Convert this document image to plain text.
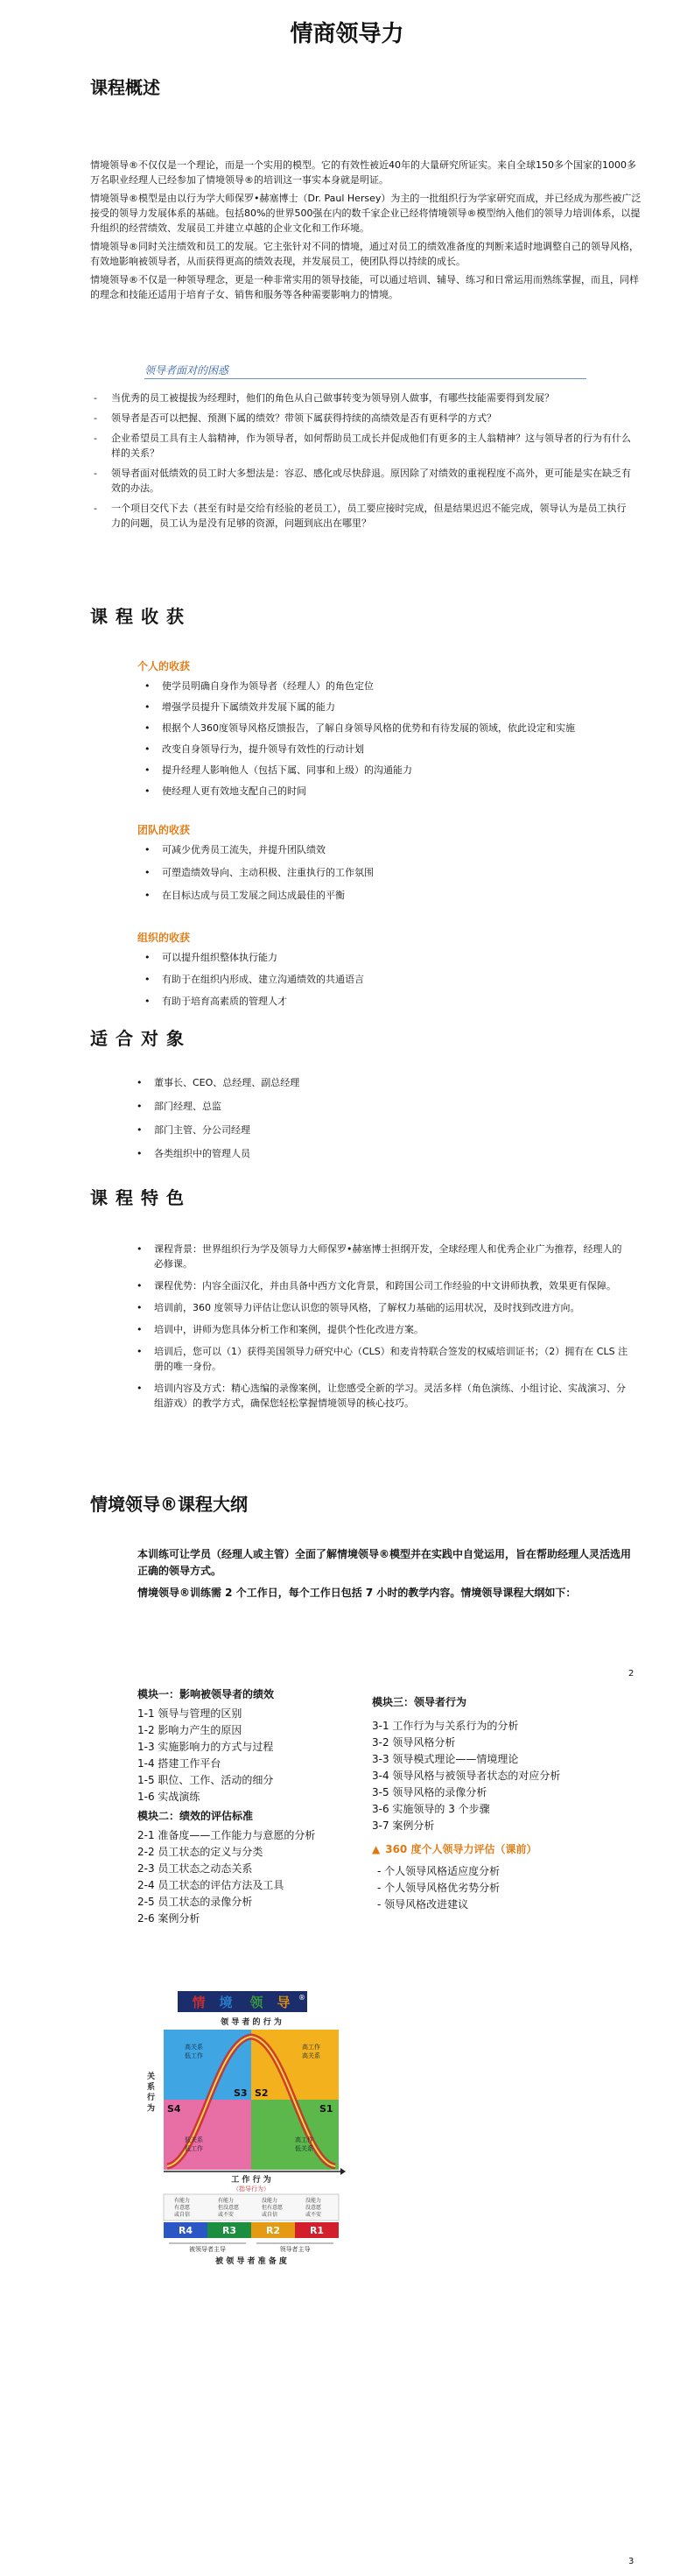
情商领导力
课程概述

情境领导®不仅仅是一个理论，而是一个实用的模型。它的有效性被近40年的大量研究所证实。来自全球150多个国家的1000多万名职业经理人已经参加了情境领导®的培训这一事实本身就是明证。

情境领导®模型是由以行为学大师保罗•赫塞博士（Dr. Paul Hersey）为主的一批组织行为学家研究而成，并已经成为那些被广泛接受的领导力发展体系的基础。包括80%的世界500强在内的数千家企业已经将情境领导®模型纳入他们的领导力培训体系，以提升组织的经营绩效、发展员工并建立卓越的企业文化和工作环境。

情境领导®同时关注绩效和员工的发展。它主张针对不同的情境，通过对员工的绩效准备度的判断来适时地调整自己的领导风格，有效地影响被领导者，从而获得更高的绩效表现，并发展员工，使团队得以持续的成长。

情境领导®不仅是一种领导理念，更是一种非常实用的领导技能，可以通过培训、辅导、练习和日常运用而熟练掌握，而且，同样的理念和技能还适用于培育子女、销售和服务等各种需要影响力的情境。

领导者面对的困惑
- 当优秀的员工被提拔为经理时，他们的角色从自己做事转变为领导别人做事，有哪些技能需要得到发展？
- 领导者是否可以把握、预测下属的绩效？带领下属获得持续的高绩效是否有更科学的方式？
- 企业希望员工具有主人翁精神，作为领导者，如何帮助员工成长并促成他们有更多的主人翁精神？这与领导者的行为有什么样的关系？
- 领导者面对低绩效的员工时大多想法是：容忍、感化或尽快辞退。原因除了对绩效的重视程度不高外，更可能是实在缺乏有效的办法。
- 一个项目交代下去（甚至有时是交给有经验的老员工），员工要应接时完成，但是结果迟迟不能完成，领导认为是员工执行力的问题，员工认为是没有足够的资源，问题到底出在哪里？
课程收获
个人的收获
• 使学员明确自身作为领导者（经理人）的角色定位
• 增强学员提升下属绩效并发展下属的能力
• 根据个人360度领导风格反馈报告，了解自身领导风格的优势和有待发展的领域，依此设定和实施
• 改变自身领导行为，提升领导有效性的行动计划
• 提升经理人影响他人（包括下属、同事和上级）的沟通能力
• 使经理人更有效地支配自己的时间
团队的收获
• 可减少优秀员工流失，并提升团队绩效
• 可塑造绩效导向、主动积极、注重执行的工作氛围
• 在目标达成与员工发展之间达成最佳的平衡
组织的收获
• 可以提升组织整体执行能力
• 有助于在组织内形成、建立沟通绩效的共通语言
• 有助于培育高素质的管理人才
适合对象
• 董事长、CEO、总经理、副总经理
• 部门经理、总监
• 部门主管、分公司经理
• 各类组织中的管理人员
课程特色
• 课程背景：世界组织行为学及领导力大师保罗•赫塞博士担纲开发，全球经理人和优秀企业广为推荐，经理人的必修课。
• 课程优势：内容全面汉化，并由具备中西方文化背景，和跨国公司工作经验的中文讲师执教，效果更有保障。
• 培训前，360 度领导力评估让您认识您的领导风格，了解权力基础的运用状况，及时找到改进方向。
• 培训中，讲师为您具体分析工作和案例，提供个性化改进方案。
• 培训后，您可以（1）获得美国领导力研究中心（CLS）和麦肯特联合签发的权威培训证书；（2）拥有在 CLS 注册的唯一身份。
• 培训内容及方式：精心选编的录像案例，让您感受全新的学习。灵活多样（角色演练、小组讨论、实战演习、分组游戏）的教学方式，确保您轻松掌握情境领导的核心技巧。
情境领导®课程大纲
本训练可让学员（经理人或主管）全面了解情境领导®模型并在实践中自觉运用，旨在帮助经理人灵活选用正确的领导方式。
情境领导®训练需 2 个工作日，每个工作日包括 7 小时的教学内容。情境领导课程大纲如下：
2
模块一：影响被领导者的绩效
1-1 领导与管理的区别
1-2 影响力产生的原因
1-3 实施影响力的方式与过程
1-4 搭建工作平台
1-5 职位、工作、活动的细分
1-6 实战演练
模块二：绩效的评估标准
2-1 准备度——工作能力与意愿的分析
2-2 员工状态的定义与分类
2-3 员工状态之动态关系
2-4 员工状态的评估方法及工具
2-5 员工状态的录像分析
2-6 案例分析
模块三：领导者行为
3-1 工作行为与关系行为的分析
3-2 领导风格分析
3-3 领导模式理论——情境理论
3-4 领导风格与被领导者状态的对应分析
3-5 领导风格的录像分析
3-6 实施领导的 3 个步骤
3-7 案例分析
▲ 360 度个人领导力评估（课前）
- 个人领导风格适应度分析
- 个人领导风格优劣势分析
- 领导风格改进建议
情 境 领 导 ®
领 导 者 的 行 为
关 系 行 为
高关系
低工作
高工作
高关系
低关系
低工作
高工作
低关系
S3 S2
S4	S1
工 作 行 为
（指导行为）
有能力
有意愿
或自信
有能力
但没意愿
或不安
没能力
但有意愿
或自信
没能力
没意愿
或不安
R4	R3	R2	R1
被领导者主导	领导者主导
被 领 导 者 准 备 度
3
